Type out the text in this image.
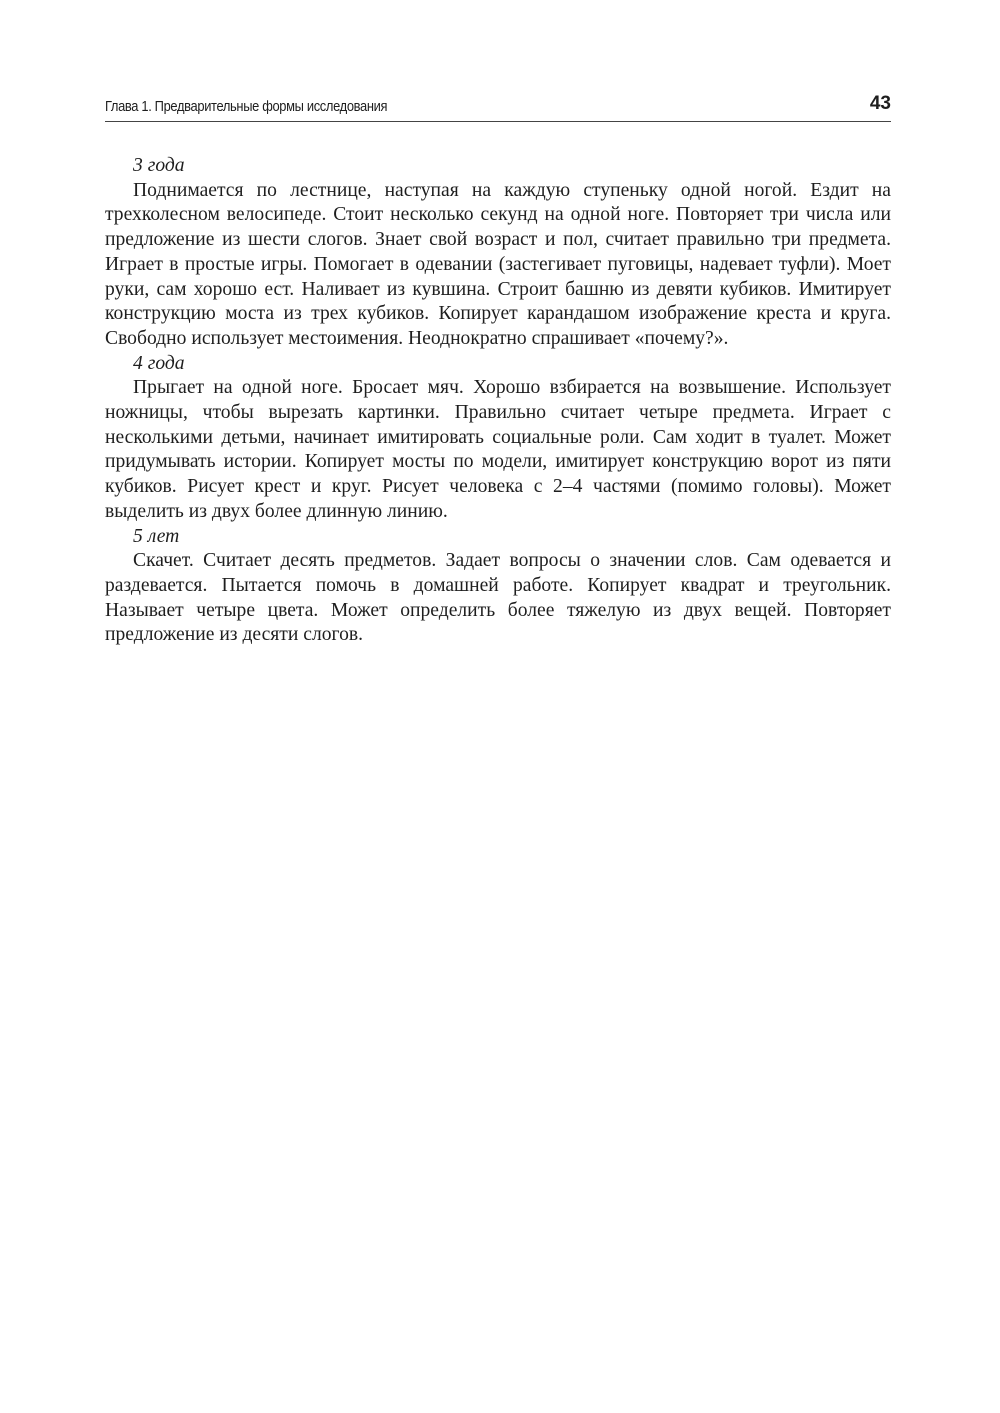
Глава 1. Предварительные формы исследования	43

3 года

Поднимается по лестнице, наступая на каждую ступеньку одной ногой. Ездит на трехколесном велосипеде. Стоит несколько секунд на одной ноге. Повторяет три числа или предложение из шести слогов. Знает свой возраст и пол, считает правильно три предмета. Играет в простые игры. Помогает в одевании (застегивает пуговицы, надевает туфли). Моет руки, сам хорошо ест. Наливает из кувшина. Строит башню из девяти кубиков. Имитирует конструкцию моста из трех кубиков. Копирует карандашом изображение креста и круга. Свободно использует местоимения. Неоднократно спрашивает «почему?».

4 года

Прыгает на одной ноге. Бросает мяч. Хорошо взбирается на возвышение. Использует ножницы, чтобы вырезать картинки. Правильно считает четыре предмета. Играет с несколькими детьми, начинает имитировать социальные роли. Сам ходит в туалет. Может придумывать истории. Копирует мосты по модели, имитирует конструкцию ворот из пяти кубиков. Рисует крест и круг. Рисует человека с 2–4 частями (помимо головы). Может выделить из двух более длинную линию.

5 лет

Скачет. Считает десять предметов. Задает вопросы о значении слов. Сам одевается и раздевается. Пытается помочь в домашней работе. Копирует квадрат и треугольник. Называет четыре цвета. Может определить более тяжелую из двух вещей. Повторяет предложение из десяти слогов.
